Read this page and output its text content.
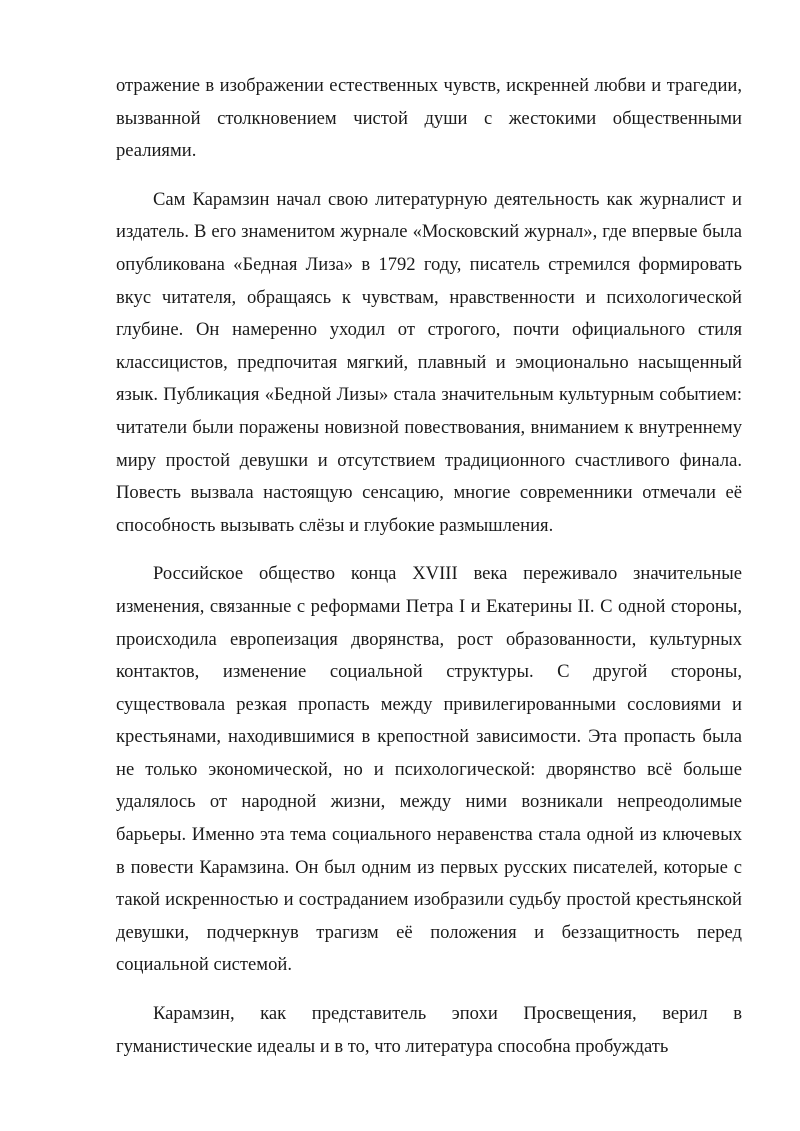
отражение в изображении естественных чувств, искренней любви и трагедии, вызванной столкновением чистой души с жестокими общественными реалиями.

Сам Карамзин начал свою литературную деятельность как журналист и издатель. В его знаменитом журнале «Московский журнал», где впервые была опубликована «Бедная Лиза» в 1792 году, писатель стремился формировать вкус читателя, обращаясь к чувствам, нравственности и психологической глубине. Он намеренно уходил от строгого, почти официального стиля классицистов, предпочитая мягкий, плавный и эмоционально насыщенный язык. Публикация «Бедной Лизы» стала значительным культурным событием: читатели были поражены новизной повествования, вниманием к внутреннему миру простой девушки и отсутствием традиционного счастливого финала. Повесть вызвала настоящую сенсацию, многие современники отмечали её способность вызывать слёзы и глубокие размышления.

Российское общество конца XVIII века переживало значительные изменения, связанные с реформами Петра I и Екатерины II. С одной стороны, происходила европеизация дворянства, рост образованности, культурных контактов, изменение социальной структуры. С другой стороны, существовала резкая пропасть между привилегированными сословиями и крестьянами, находившимися в крепостной зависимости. Эта пропасть была не только экономической, но и психологической: дворянство всё больше удалялось от народной жизни, между ними возникали непреодолимые барьеры. Именно эта тема социального неравенства стала одной из ключевых в повести Карамзина. Он был одним из первых русских писателей, которые с такой искренностью и состраданием изобразили судьбу простой крестьянской девушки, подчеркнув трагизм её положения и беззащитность перед социальной системой.

Карамзин, как представитель эпохи Просвещения, верил в гуманистические идеалы и в то, что литература способна пробуждать
